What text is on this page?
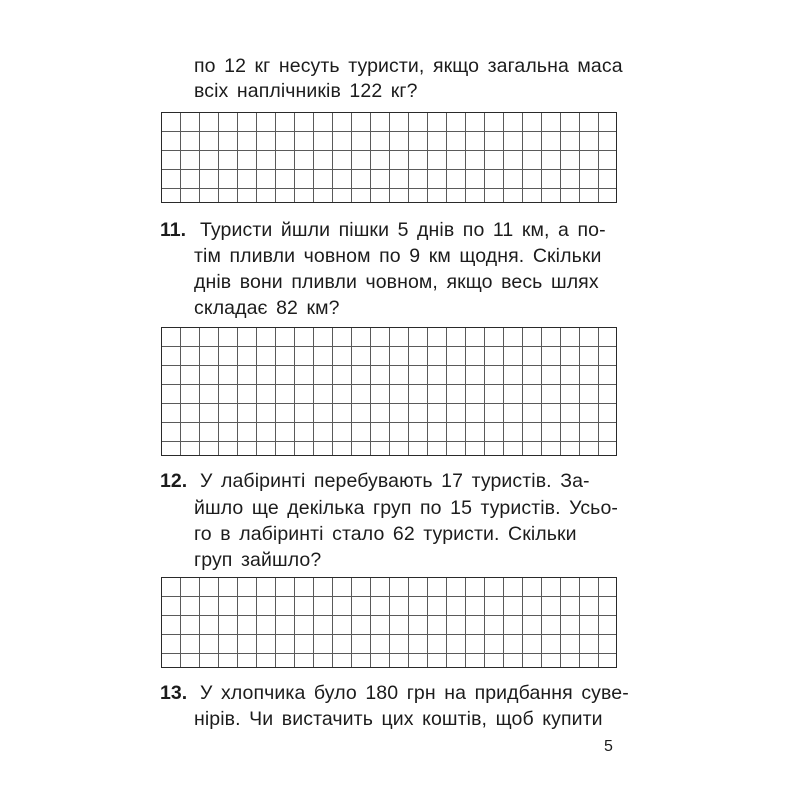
по 12 кг несуть туристи, якщо загальна маса
всіх наплічників 122 кг?
11. Туристи йшли пішки 5 днів по 11 км, а по-
тім пливли човном по 9 км щодня. Скільки
днів вони пливли човном, якщо весь шлях
складає 82 км?
12. У лабіринті перебувають 17 туристів. За-
йшло ще декілька груп по 15 туристів. Усьо-
го в лабіринті стало 62 туристи. Скільки
груп зайшло?
13. У хлопчика було 180 грн на придбання суве-
нірів. Чи вистачить цих коштів, щоб купити
5
